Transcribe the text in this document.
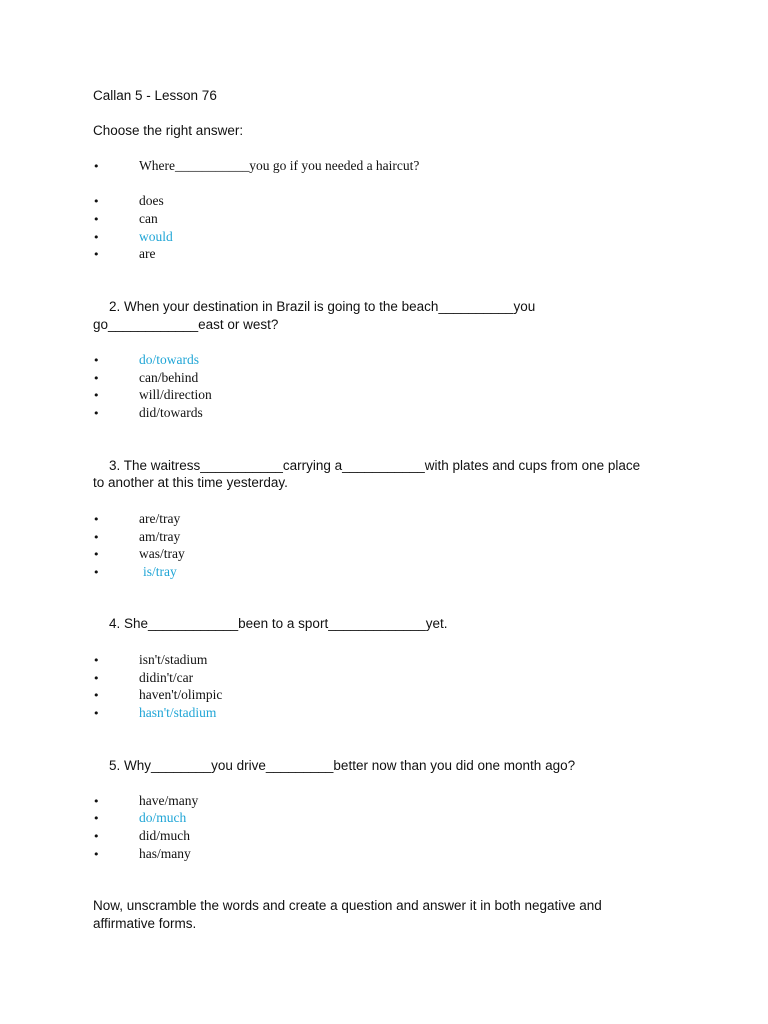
Callan 5 - Lesson 76
Choose the right answer:
•	Where___________you go if you needed a haircut?
•	does
•	can
•	would
•	are
2. When your destination in Brazil is going to the beach__________you
go____________east or west?
•	do/towards
•	can/behind
•	will/direction
•	did/towards
3. The waitress___________carrying a___________with plates and cups from one place
to another at this time yesterday.
•	are/tray
•	am/tray
•	was/tray
•	is/tray
4. She____________been to a sport_____________yet.
•	isn't/stadium
•	didin't/car
•	haven't/olimpic
•	hasn't/stadium
5. Why________you drive_________better now than you did one month ago?
•	have/many
•	do/much
•	did/much
•	has/many
Now, unscramble the words and create a question and answer it in both negative and
affirmative forms.
